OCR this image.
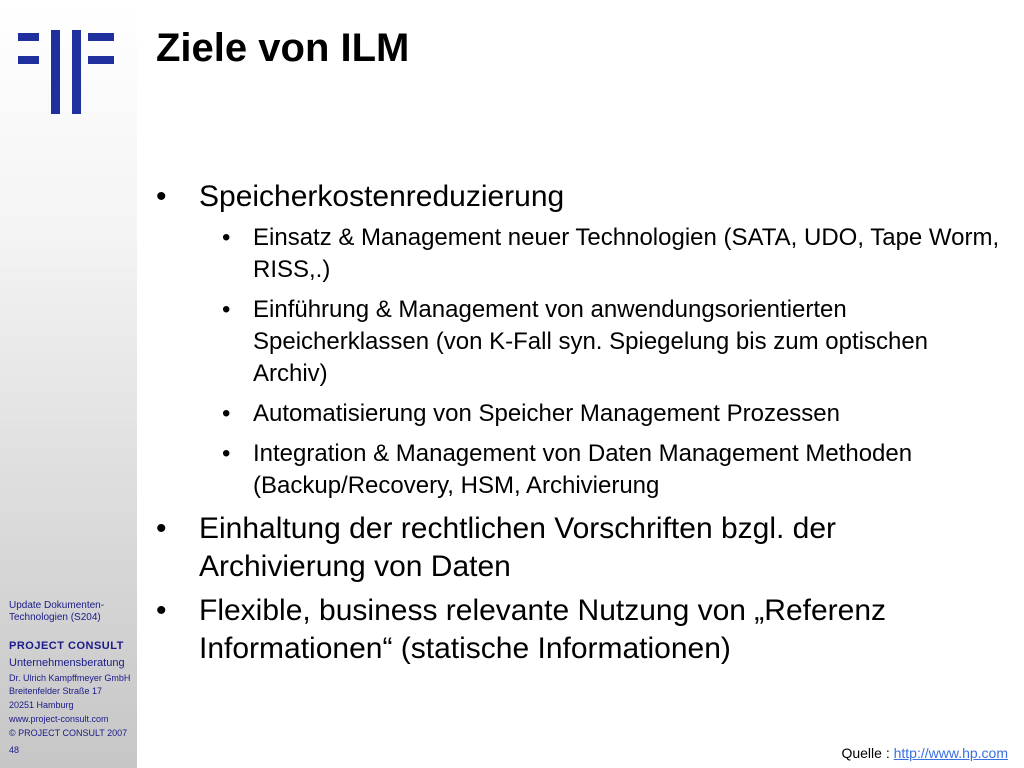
Update Dokumenten-
Technologien (S204)
PROJECT CONSULT
Unternehmensberatung
Dr. Ulrich Kampffmeyer GmbH
Breitenfelder Straße 17
20251 Hamburg
www.project-consult.com
© PROJECT CONSULT 2007
48
Ziele von ILM
• Speicherkostenreduzierung
• Einsatz & Management neuer Technologien (SATA, UDO, Tape Worm, RISS,.)
• Einführung & Management von anwendungsorientierten Speicherklassen (von K-Fall syn. Spiegelung bis zum optischen Archiv)
• Automatisierung von Speicher Management Prozessen
• Integration & Management von Daten Management Methoden (Backup/Recovery, HSM, Archivierung
• Einhaltung der rechtlichen Vorschriften bzgl. der Archivierung von Daten
• Flexible, business relevante Nutzung von „Referenz Informationen“ (statische Informationen)
Quelle : http://www.hp.com
